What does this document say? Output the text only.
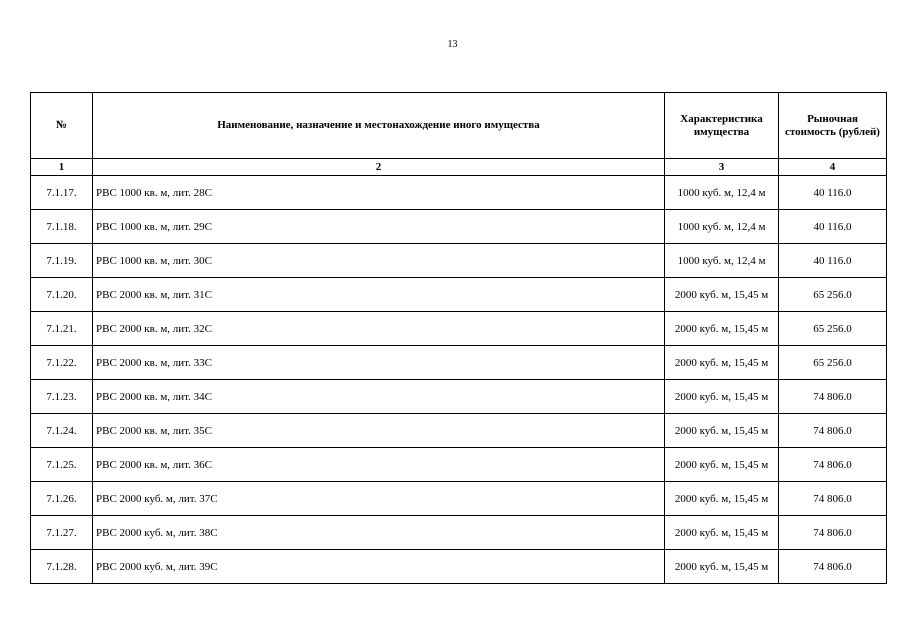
13
№	Наименование, назначение и местонахождение иного имущества	Характеристика имущества	Рыночная стоимость (рублей)
1	2	3	4
7.1.17.	РВС 1000 кв. м, лит. 28С	1000 куб. м, 12,4 м	40 116.0
7.1.18.	РВС 1000 кв. м, лит. 29С	1000 куб. м, 12,4 м	40 116.0
7.1.19.	РВС 1000 кв. м, лит. 30С	1000 куб. м, 12,4 м	40 116.0
7.1.20.	РВС 2000 кв. м, лит. 31С	2000 куб. м, 15,45 м	65 256.0
7.1.21.	РВС 2000 кв. м, лит. 32С	2000 куб. м, 15,45 м	65 256.0
7.1.22.	РВС 2000 кв. м, лит. 33С	2000 куб. м, 15,45 м	65 256.0
7.1.23.	РВС 2000 кв. м, лит. 34С	2000 куб. м, 15,45 м	74 806.0
7.1.24.	РВС 2000 кв. м, лит. 35С	2000 куб. м, 15,45 м	74 806.0
7.1.25.	РВС 2000 кв. м, лит. 36С	2000 куб. м, 15,45 м	74 806.0
7.1.26.	РВС 2000 куб. м, лит. 37С	2000 куб. м, 15,45 м	74 806.0
7.1.27.	РВС 2000 куб. м, лит. 38С	2000 куб. м, 15,45 м	74 806.0
7.1.28.	РВС 2000 куб. м, лит. 39С	2000 куб. м, 15,45 м	74 806.0
